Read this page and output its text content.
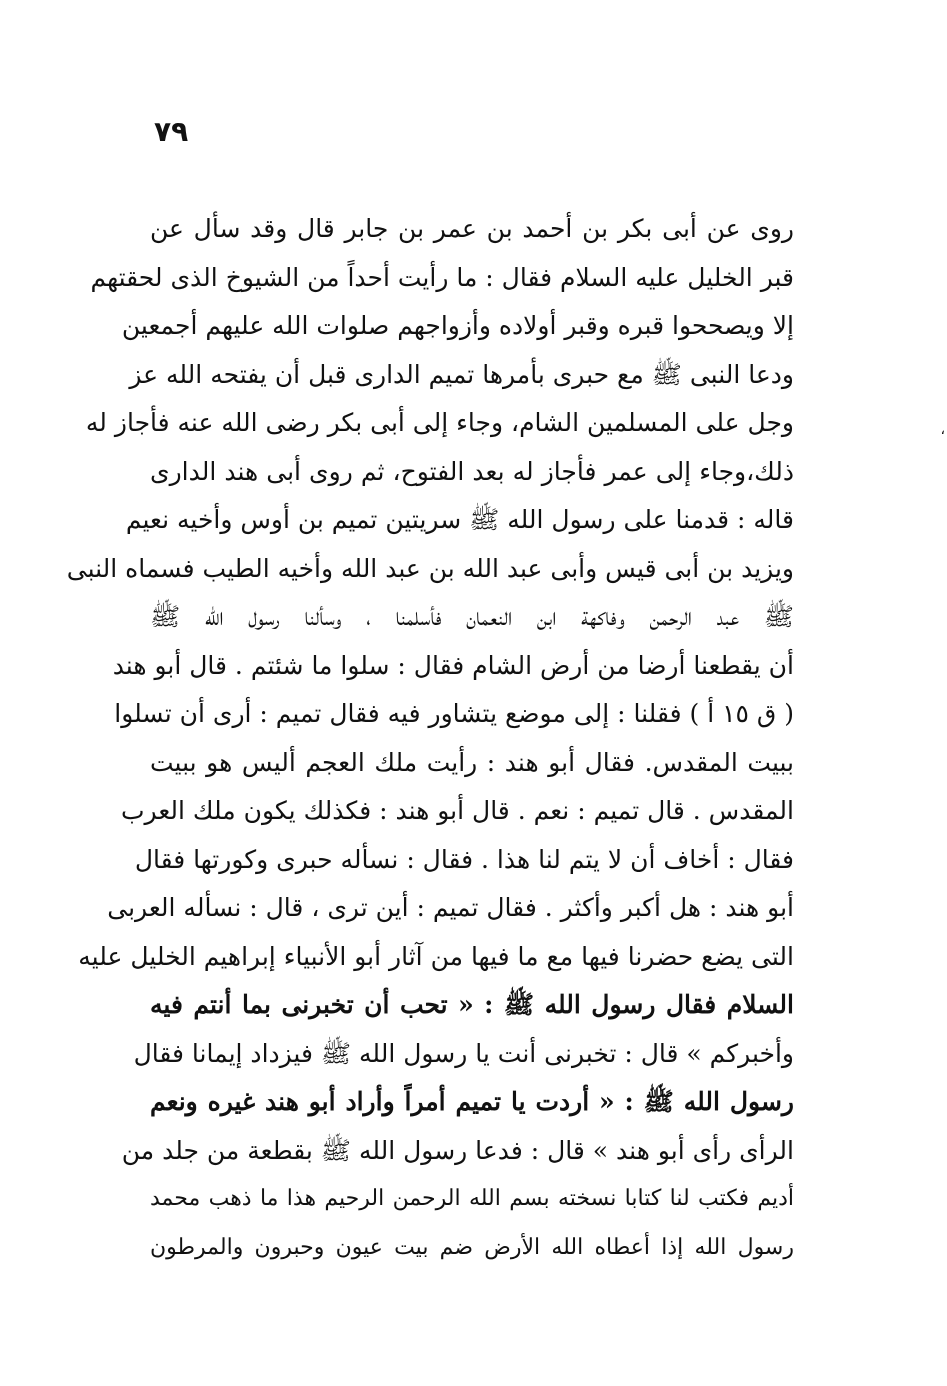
٧٩
روى عن أبى بكر بن أحمد بن عمر بن جابر قال وقد سأل عن
قبر الخليل عليه السلام فقال : ما رأيت أحداً من الشيوخ الذى لحقتهم
إلا ويصححوا قبره وقبر أولاده وأزواجهم صلوات الله عليهم أجمعين
ودعا النبى ﷺ مع حبرى بأمرها تميم الدارى قبل أن يفتحه الله عز
وجل على المسلمين الشام، وجاء إلى أبى بكر رضى الله عنه فأجاز له
ذلك،وجاء إلى عمر فأجاز له بعد الفتوح، ثم روى أبى هند الدارى
قاله : قدمنا على رسول الله ﷺ سريتين تميم بن أوس وأخيه نعيم
ويزيد بن أبى قيس وأبى عبد الله بن عبد الله وأخيه الطيب فسماه النبى
ﷺ عبد الرحمن وفاكهة ابن النعمان فأسلمنا ، وسألنا رسول الله ﷺ
أن يقطعنا أرضا من أرض الشام فقال : سلوا ما شئتم . قال أبو هند
( ق ١٥ أ ) فقلنا : إلى موضع يتشاور فيه فقال تميم : أرى أن تسلوا
ببيت المقدس. فقال أبو هند : رأيت ملك العجم أليس هو ببيت
المقدس . قال تميم : نعم . قال أبو هند : فكذلك يكون ملك العرب
فقال : أخاف أن لا يتم لنا هذا . فقال : نسأله حبرى وكورتها فقال
أبو هند : هل أكبر وأكثر . فقال تميم : أين ترى ، قال : نسأله العربى
التى يضع حضرنا فيها مع ما فيها من آثار أبو الأنبياء إبراهيم الخليل عليه
السلام فقال رسول الله ﷺ : « تحب أن تخبرنى بما أنتم فيه
وأخبركم » قال : تخبرنى أنت يا رسول الله ﷺ فيزداد إيمانا فقال
رسول الله ﷺ : « أردت يا تميم أمراً وأراد أبو هند غيره ونعم
الرأى رأى أبو هند » قال : فدعا رسول الله ﷺ بقطعة من جلد من
أديم فكتب لنا كتابا نسخته بسم الله الرحمن الرحيم هذا ما ذهب محمد
رسول الله إذا أعطاه الله الأرض ضم بيت عيون وحبرون والمرطون
،
